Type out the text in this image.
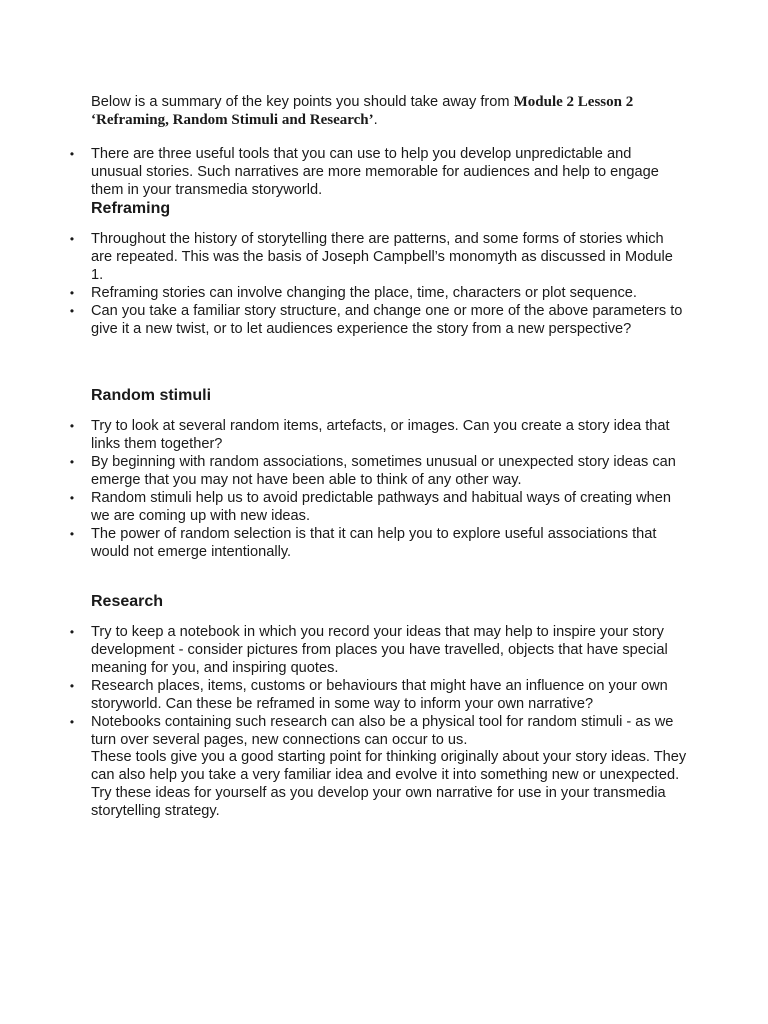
Below is a summary of the key points you should take away from Module 2 Lesson 2 ‘Reframing, Random Stimuli and Research’.
• There are three useful tools that you can use to help you develop unpredictable and unusual stories. Such narratives are more memorable for audiences and help to engage them in your transmedia storyworld.
Reframing
• Throughout the history of storytelling there are patterns, and some forms of stories which are repeated. This was the basis of Joseph Campbell’s monomyth as discussed in Module 1.
• Reframing stories can involve changing the place, time, characters or plot sequence.
• Can you take a familiar story structure, and change one or more of the above parameters to give it a new twist, or to let audiences experience the story from a new perspective?
Random stimuli
• Try to look at several random items, artefacts, or images. Can you create a story idea that links them together?
• By beginning with random associations, sometimes unusual or unexpected story ideas can emerge that you may not have been able to think of any other way.
• Random stimuli help us to avoid predictable pathways and habitual ways of creating when we are coming up with new ideas.
• The power of random selection is that it can help you to explore useful associations that would not emerge intentionally.
Research
• Try to keep a notebook in which you record your ideas that may help to inspire your story development - consider pictures from places you have travelled, objects that have special meaning for you, and inspiring quotes.
• Research places, items, customs or behaviours that might have an influence on your own storyworld. Can these be reframed in some way to inform your own narrative?
• Notebooks containing such research can also be a physical tool for random stimuli - as we turn over several pages, new connections can occur to us.
These tools give you a good starting point for thinking originally about your story ideas. They can also help you take a very familiar idea and evolve it into something new or unexpected. Try these ideas for yourself as you develop your own narrative for use in your transmedia storytelling strategy.
